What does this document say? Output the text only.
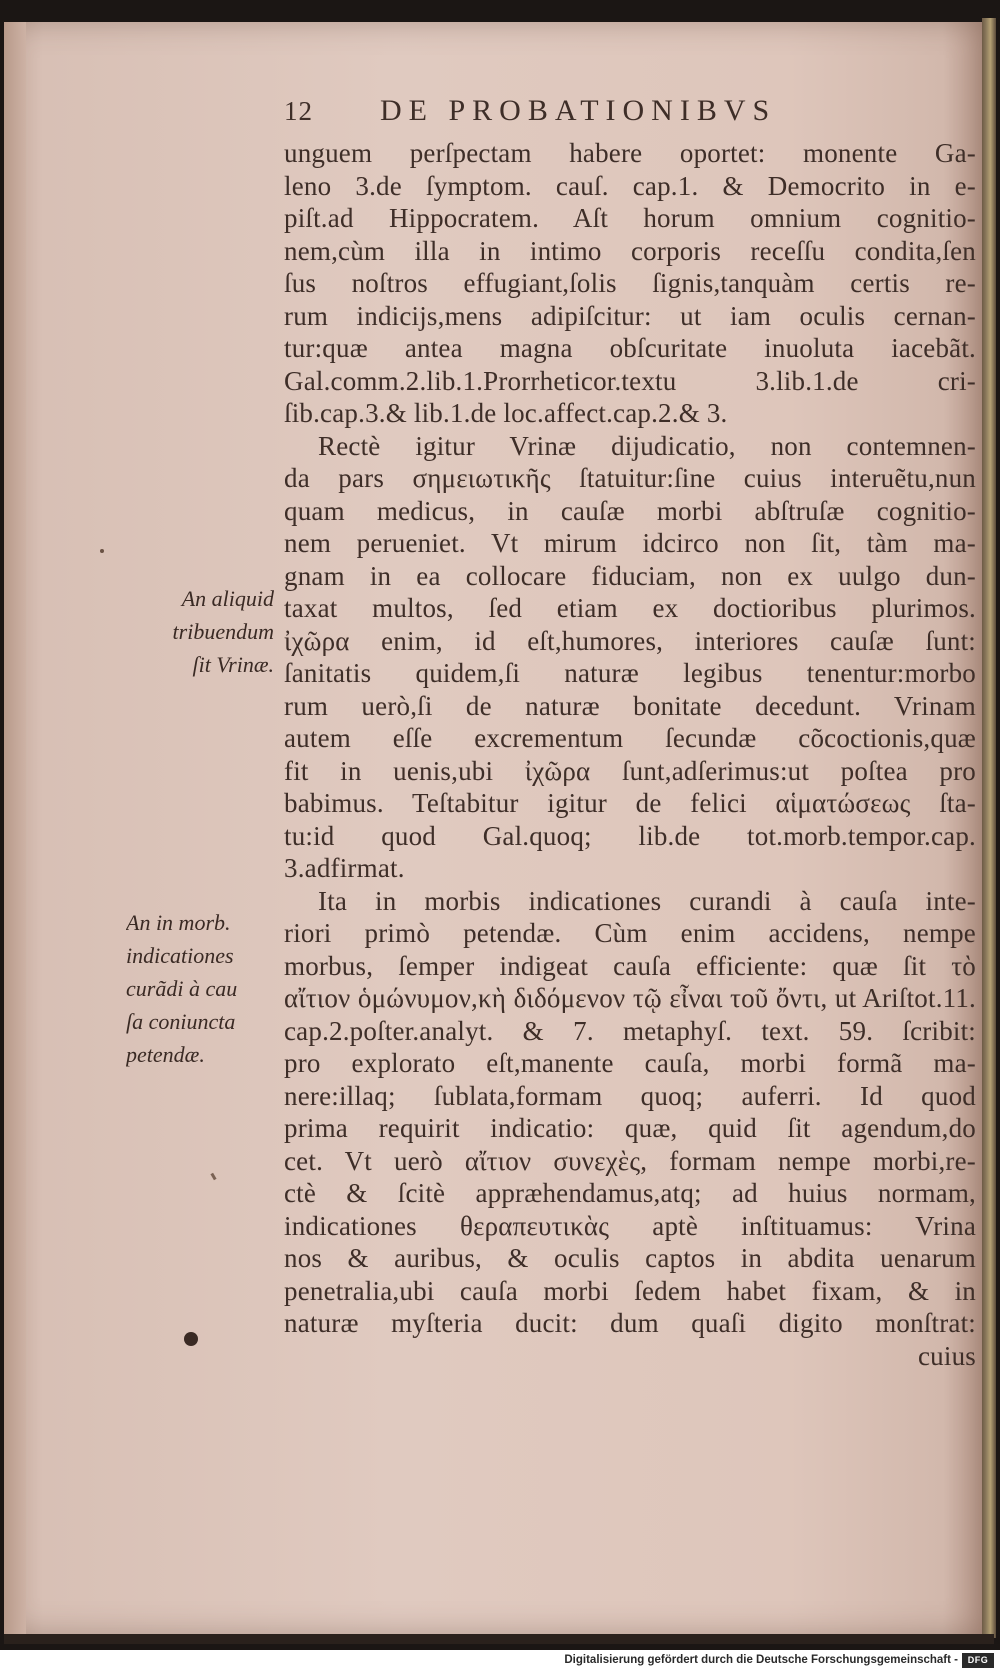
12 DE PROBATIONIBVS
unguem perſpectam habere oportet: monente Ga-
leno 3.de ſymptom. cauſ. cap.1. & Democrito in e-
piſt.ad Hippocratem. Aſt horum omnium cognitio-
nem,cùm illa in intimo corporis receſſu condita,ſen
ſus noſtros effugiant,ſolis ſignis,tanquàm certis re-
rum indicijs,mens adipiſcitur: ut iam oculis cernan-
tur:quæ antea magna obſcuritate inuoluta iacebãt.
Gal.comm.2.lib.1.Prorrheticor.textu 3.lib.1.de cri-
ſib.cap.3.& lib.1.de loc.affect.cap.2.& 3.
Rectè igitur Vrinæ dijudicatio, non contemnen-
da pars σημειωτικῆς ſtatuitur:ſine cuius interuẽtu,nun
quam medicus, in cauſæ morbi abſtruſæ cognitio-
nem perueniet. Vt mirum idcirco non ſit, tàm ma-
gnam in ea collocare fiduciam, non ex uulgo dun-
taxat multos, ſed etiam ex doctioribus plurimos.
ἰχῶρα enim, id eſt,humores, interiores cauſæ ſunt:
ſanitatis quidem,ſi naturæ legibus tenentur:morbo
rum uerò,ſi de naturæ bonitate decedunt. Vrinam
autem eſſe excrementum ſecundæ cõcoctionis,quæ
fit in uenis,ubi ἰχῶρα ſunt,adſerimus:ut poſtea pro
babimus. Teſtabitur igitur de felici αἱματώσεως ſta-
tu:id quod Gal.quoq; lib.de tot.morb.tempor.cap.
3.adfirmat.
Ita in morbis indicationes curandi à cauſa inte-
riori primò petendæ. Cùm enim accidens, nempe
morbus, ſemper indigeat cauſa efficiente: quæ ſit τὸ
αἴτιον ὁμώνυμον,κὴ διδόμενον τῷ εἶναι τοῦ ὄντι, ut Ariſtot.11.
cap.2.poſter.analyt. & 7. metaphyſ. text. 59. ſcribit:
pro explorato eſt,manente cauſa, morbi formã ma-
nere:illaq; ſublata,formam quoq; auferri. Id quod
prima requirit indicatio: quæ, quid ſit agendum,do
cet. Vt uerò αἴτιον συνεχὲς, formam nempe morbi,re-
ctè & ſcitè appræhendamus,atq; ad huius normam,
indicationes θεραπευτικὰς aptè inſtituamus: Vrina
nos & auribus, & oculis captos in abdita uenarum
penetralia,ubi cauſa morbi ſedem habet fixam, & in
naturæ myſteria ducit: dum quaſi digito monſtrat:
cuius
An aliquid
tribuendum
ſit Vrinæ.
An in morb.
indicationes
curãdi à cau
ſa coniuncta
petendæ.
Digitalisierung gefördert durch die Deutsche Forschungsgemeinschaft -	DFG
